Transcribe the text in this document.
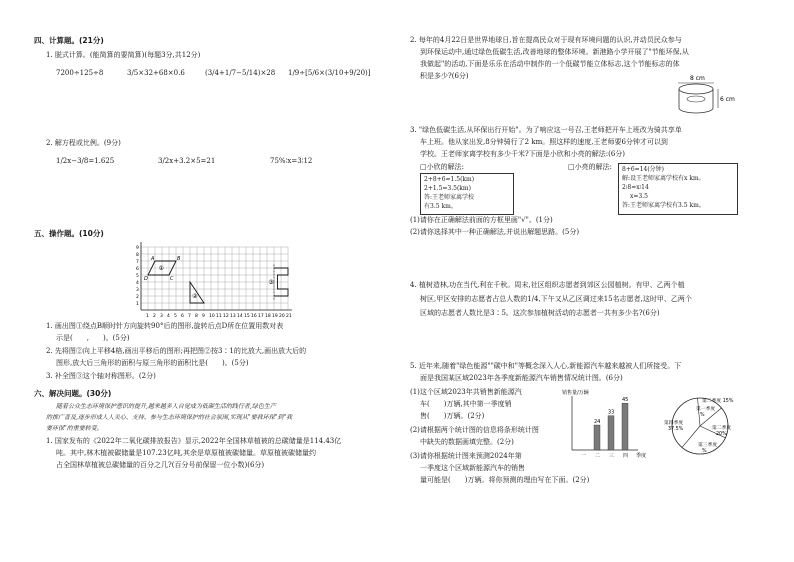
四、计算题。(21分)
1. 脱式计算。(能简算的要简算)(每题3分,共12分)
7200÷125÷8	3/5×32+68×0.6	(3/4+1/7−5/14)×28 1/9÷[5/6×(3/10+9/20)]
2. 解方程或比例。(9分)
1/2x−3/8=1.625	3/2x+3.2×5=21	75%∶x=3∶12
五、操作题。(10分)
1 2 3 4 5 6 7 8 9 10 11 12 13 14 15 16 17 18 19 20 21
1
2
3
4
5
6
7
8
9
①
A	B
C
D
②
③
1. 画出图①绕点B顺时针方向旋转90°后的图形,旋转后点D所在位置用数对表
示是(　　,　　)。(5分)
2. 先将图②向上平移4格,画出平移后的图形;再把图②按3∶1的比放大,画出放大后的
图形,放大后三角形的面积与原三角形的面积比是(　　)。(5分)
3. 补全图③这个轴对称图形。(2分)
六、解决问题。(30分)
随着公众生态环境保护意识的提升,越来越多人自觉成为低碳生活的践行者,绿色生产
的推广普及,逐步形成人人关心、支持、参与生态环境保护的社会氛围,实现从"要我环保"到"我
要环保"的重要转变。
1. 国家发布的《2022年二氧化碳排放报告》显示,2022年全国林草植被的总碳储量是114.43亿
吨。其中,林木植被碳储量是107.23亿吨,其余是草原植被碳储量。草原植被碳储量约
占全国林草植被总碳储量的百分之几?(百分号前保留一位小数)(6分)
2. 每年的4月22日是世界地球日,旨在提高民众对于现有环境问题的认识,并动员民众参与
到环保运动中,通过绿色低碳生活,改善地球的整体环境。新港路小学开展了"节能环保,从
我做起"的活动,下面是乐乐在活动中制作的一个低碳节能立体标志,这个节能标志的体
积是多少?(6分)	8 cm
6 cm
3. "绿色低碳生活,从环保出行开始"。为了响应这一号召,王老师把开车上班改为骑共享单
车上班。他从家出发,8分钟骑行了2 km。照这样的速度,王老师要6分钟才可以到
学校。王老师家离学校有多少千米?下面是小欣和小亮的解法:(6分)
□小欣的解法:
2+8+6=1.5(km)
2+1.5=3.5(km)
答:王老师家离学校
有3.5 km。
□小亮的解法: 8+6=14(分钟)
解:设王老师家离学校有x km。
2∶8=x∶14
x=3.5
答:王老师家离学校有3.5 km。
(1)请你在正确解法前面的方框里画"√"。(1分)
(2)请你选择其中一种正确解法,并说出解题思路。(5分)
4. 植树造林,功在当代,利在千秋。周末,社区组织志愿者到郊区公园植树。有甲、乙两个植
树区,甲区安排的志愿者占总人数的1/4,下午又从乙区调过来15名志愿者,这时甲、乙两个
区域的志愿者人数比是3∶5。这次参加植树活动的志愿者一共有多少名?(6分)
5. 近年来,随着"绿色能源""碳中和"等概念深入人心,新能源汽车越来越被人们所接受。下
面是我国某区域2023年各季度新能源汽车销售情况统计图。(6分)
(1)这个区域2023年共销售新能源汽
车(　　)万辆,其中第一季度销
售(　　)万辆。(2分)
(2)请根据两个统计图的信息将条形统计图
中缺失的数据画填完整。(2分)
(3)请你根据统计图来预测2024年第
一季度这个区域新能源汽车的销售
量可能是(　　)万辆。将你预测的理由写在下面。(2分)
销售量/万辆
一 二
24
三
33
四
45
季度
第一季度
%
第二季度
20%
第三季度
%
第四季度
37.5%
第二季度 15%
